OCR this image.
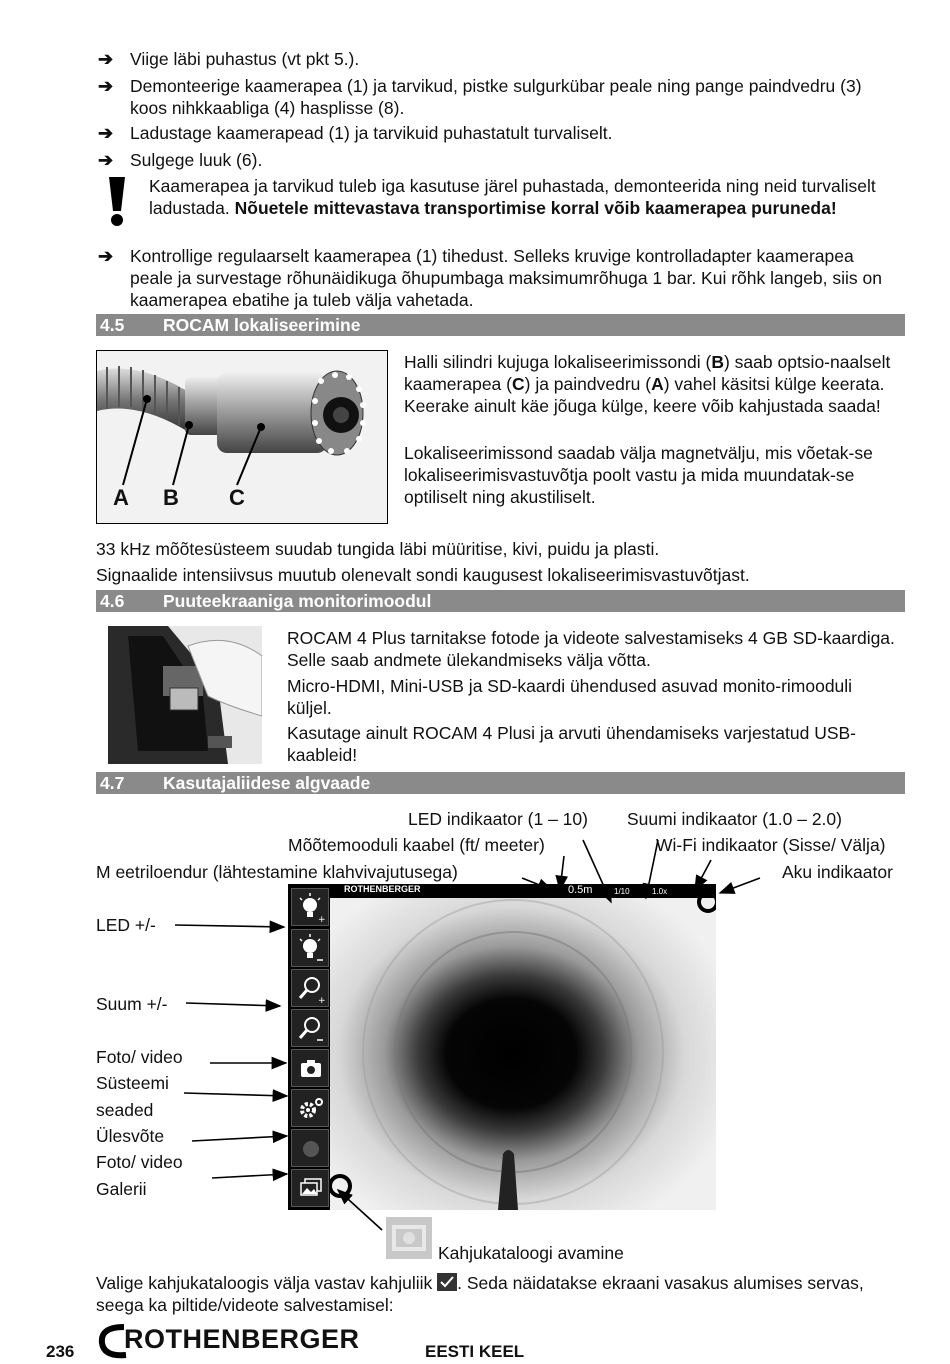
➔ Viige läbi puhastus (vt pkt 5.).
➔ Demonteerige kaamerapea (1) ja tarvikud, pistke sulgurkübar peale ning pange paindvedru (3) koos nihkkaabliga (4) hasplisse (8).
➔ Ladustage kaamerapead (1) ja tarvikuid puhastatult turvaliselt.
➔ Sulgege luuk (6).
Kaamerapea ja tarvikud tuleb iga kasutuse järel puhastada, demonteerida ning neid turvaliselt ladustada. Nõuetele mittevastava transportimise korral võib kaamerapea puruneda!
➔ Kontrollige regulaarselt kaamerapea (1) tihedust. Selleks kruvige kontrolladapter kaamerapea peale ja survestage rõhunäidikuga õhupumbaga maksimumrõhuga 1 bar. Kui rõhk langeb, siis on kaamerapea ebatihe ja tuleb välja vahetada.
4.5 ROCAM lokaliseerimine
A B C
Halli silindri kujuga lokaliseerimissondi (B) saab optsio-naalselt kaamerapea (C) ja paindvedru (A) vahel käsitsi külge keerata. Keerake ainult käe jõuga külge, keere võib kahjustada saada!
Lokaliseerimissond saadab välja magnetvälju, mis võetak-se lokaliseerimisvastuvõtja poolt vastu ja mida muundatak-se optiliselt ning akustiliselt.
33 kHz mõõtesüsteem suudab tungida läbi müüritise, kivi, puidu ja plasti.
Signaalide intensiivsus muutub olenevalt sondi kaugusest lokaliseerimisvastuvõtjast.
4.6 Puuteekraaniga monitorimoodul
ROCAM 4 Plus tarnitakse fotode ja videote salvestamiseks 4 GB SD-kaardiga. Selle saab andmete ülekandmiseks välja võtta.
Micro-HDMI, Mini-USB ja SD-kaardi ühendused asuvad monito-rimooduli küljel.
Kasutage ainult ROCAM 4 Plusi ja arvuti ühendamiseks varjestatud USB-kaableid!
4.7 Kasutajaliidese algvaade
LED indikaator (1 – 10) Suumi indikaator (1.0 – 2.0)
Mõõtemooduli kaabel (ft/ meeter)	Wi-Fi indikaator (Sisse/ Välja)
M eetriloendur (lähtestamine klahvivajutusega)	Aku indikaator
ROTHENBERGER	0.5m	1/10	1.0x
+
+
LED +/-
Suum +/-
Foto/ video
Süsteemi
seaded
Ülesvõte
Foto/ video
Galerii
Kahjukataloogi avamine
Valige kahjukataloogis välja vastav kahjuliik . Seda näidatakse ekraani vasakus alumises servas, seega ka piltide/videote salvestamisel:
236 ROTHENBERGER	EESTI KEEL
